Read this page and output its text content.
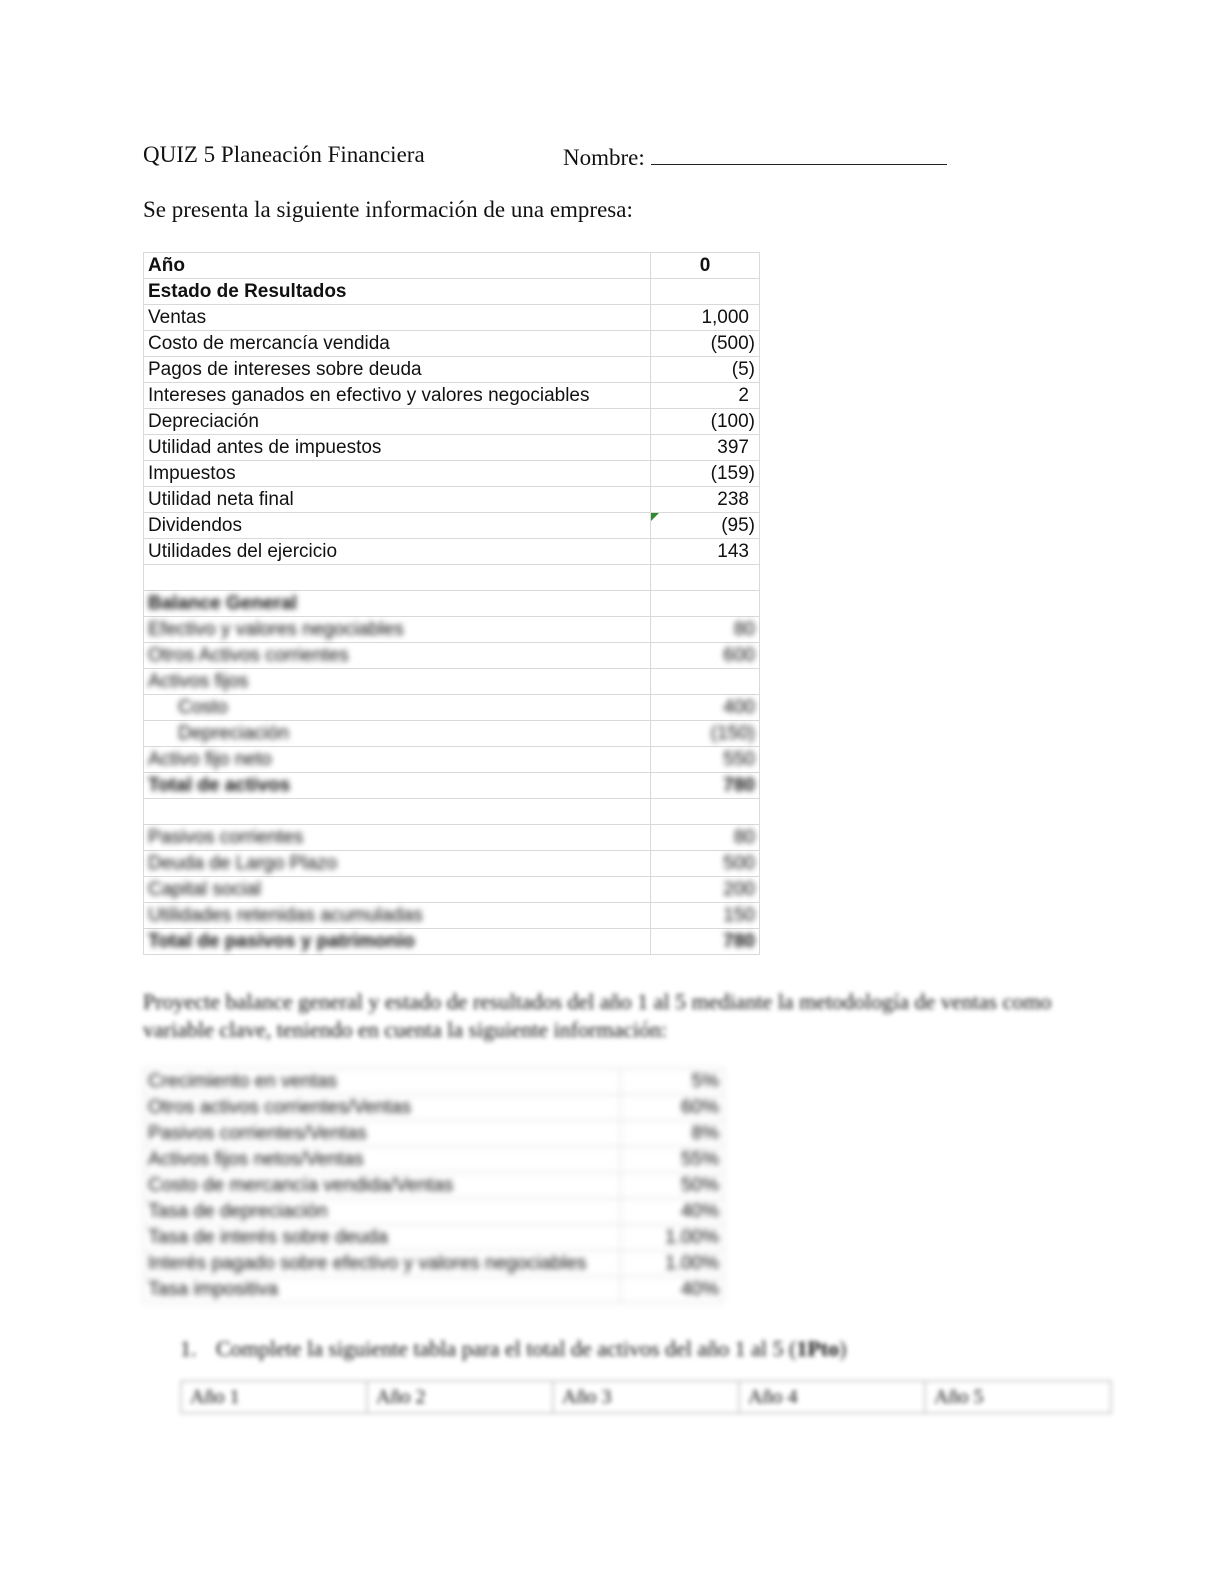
QUIZ 5 Planeación Financiera	Nombre:
Se presenta la siguiente información de una empresa:
Año	0
Estado de Resultados	
Ventas	1,000
Costo de mercancía vendida	(500)
Pagos de intereses sobre deuda	(5)
Intereses ganados en efectivo y valores negociables	2
Depreciación	(100)
Utilidad antes de impuestos	397
Impuestos	(159)
Utilidad neta final	238
Dividendos	(95)
Utilidades del ejercicio	143

Balance General	
Efectivo y valores negociables	80
Otros Activos corrientes	600
Activos fijos	
Costo	400
Depreciación	(150)
Activo fijo neto	550
Total de activos	780

Pasivos corrientes	80
Deuda de Largo Plazo	500
Capital social	200
Utilidades retenidas acumuladas	150
Total de pasivos y patrimonio	780
Proyecte balance general y estado de resultados del año 1 al 5 mediante la metodología de ventas como variable clave, teniendo en cuenta la siguiente información:
Crecimiento en ventas	5%
Otros activos corrientes/Ventas	60%
Pasivos corrientes/Ventas	8%
Activos fijos netos/Ventas	55%
Costo de mercancía vendida/Ventas	50%
Tasa de depreciación	40%
Tasa de interés sobre deuda	1.00%
Interés pagado sobre efectivo y valores negociables	1.00%
Tasa impositiva	40%
1. Complete la siguiente tabla para el total de activos del año 1 al 5 (1Pto)
Año 1	Año 2	Año 3	Año 4	Año 5
